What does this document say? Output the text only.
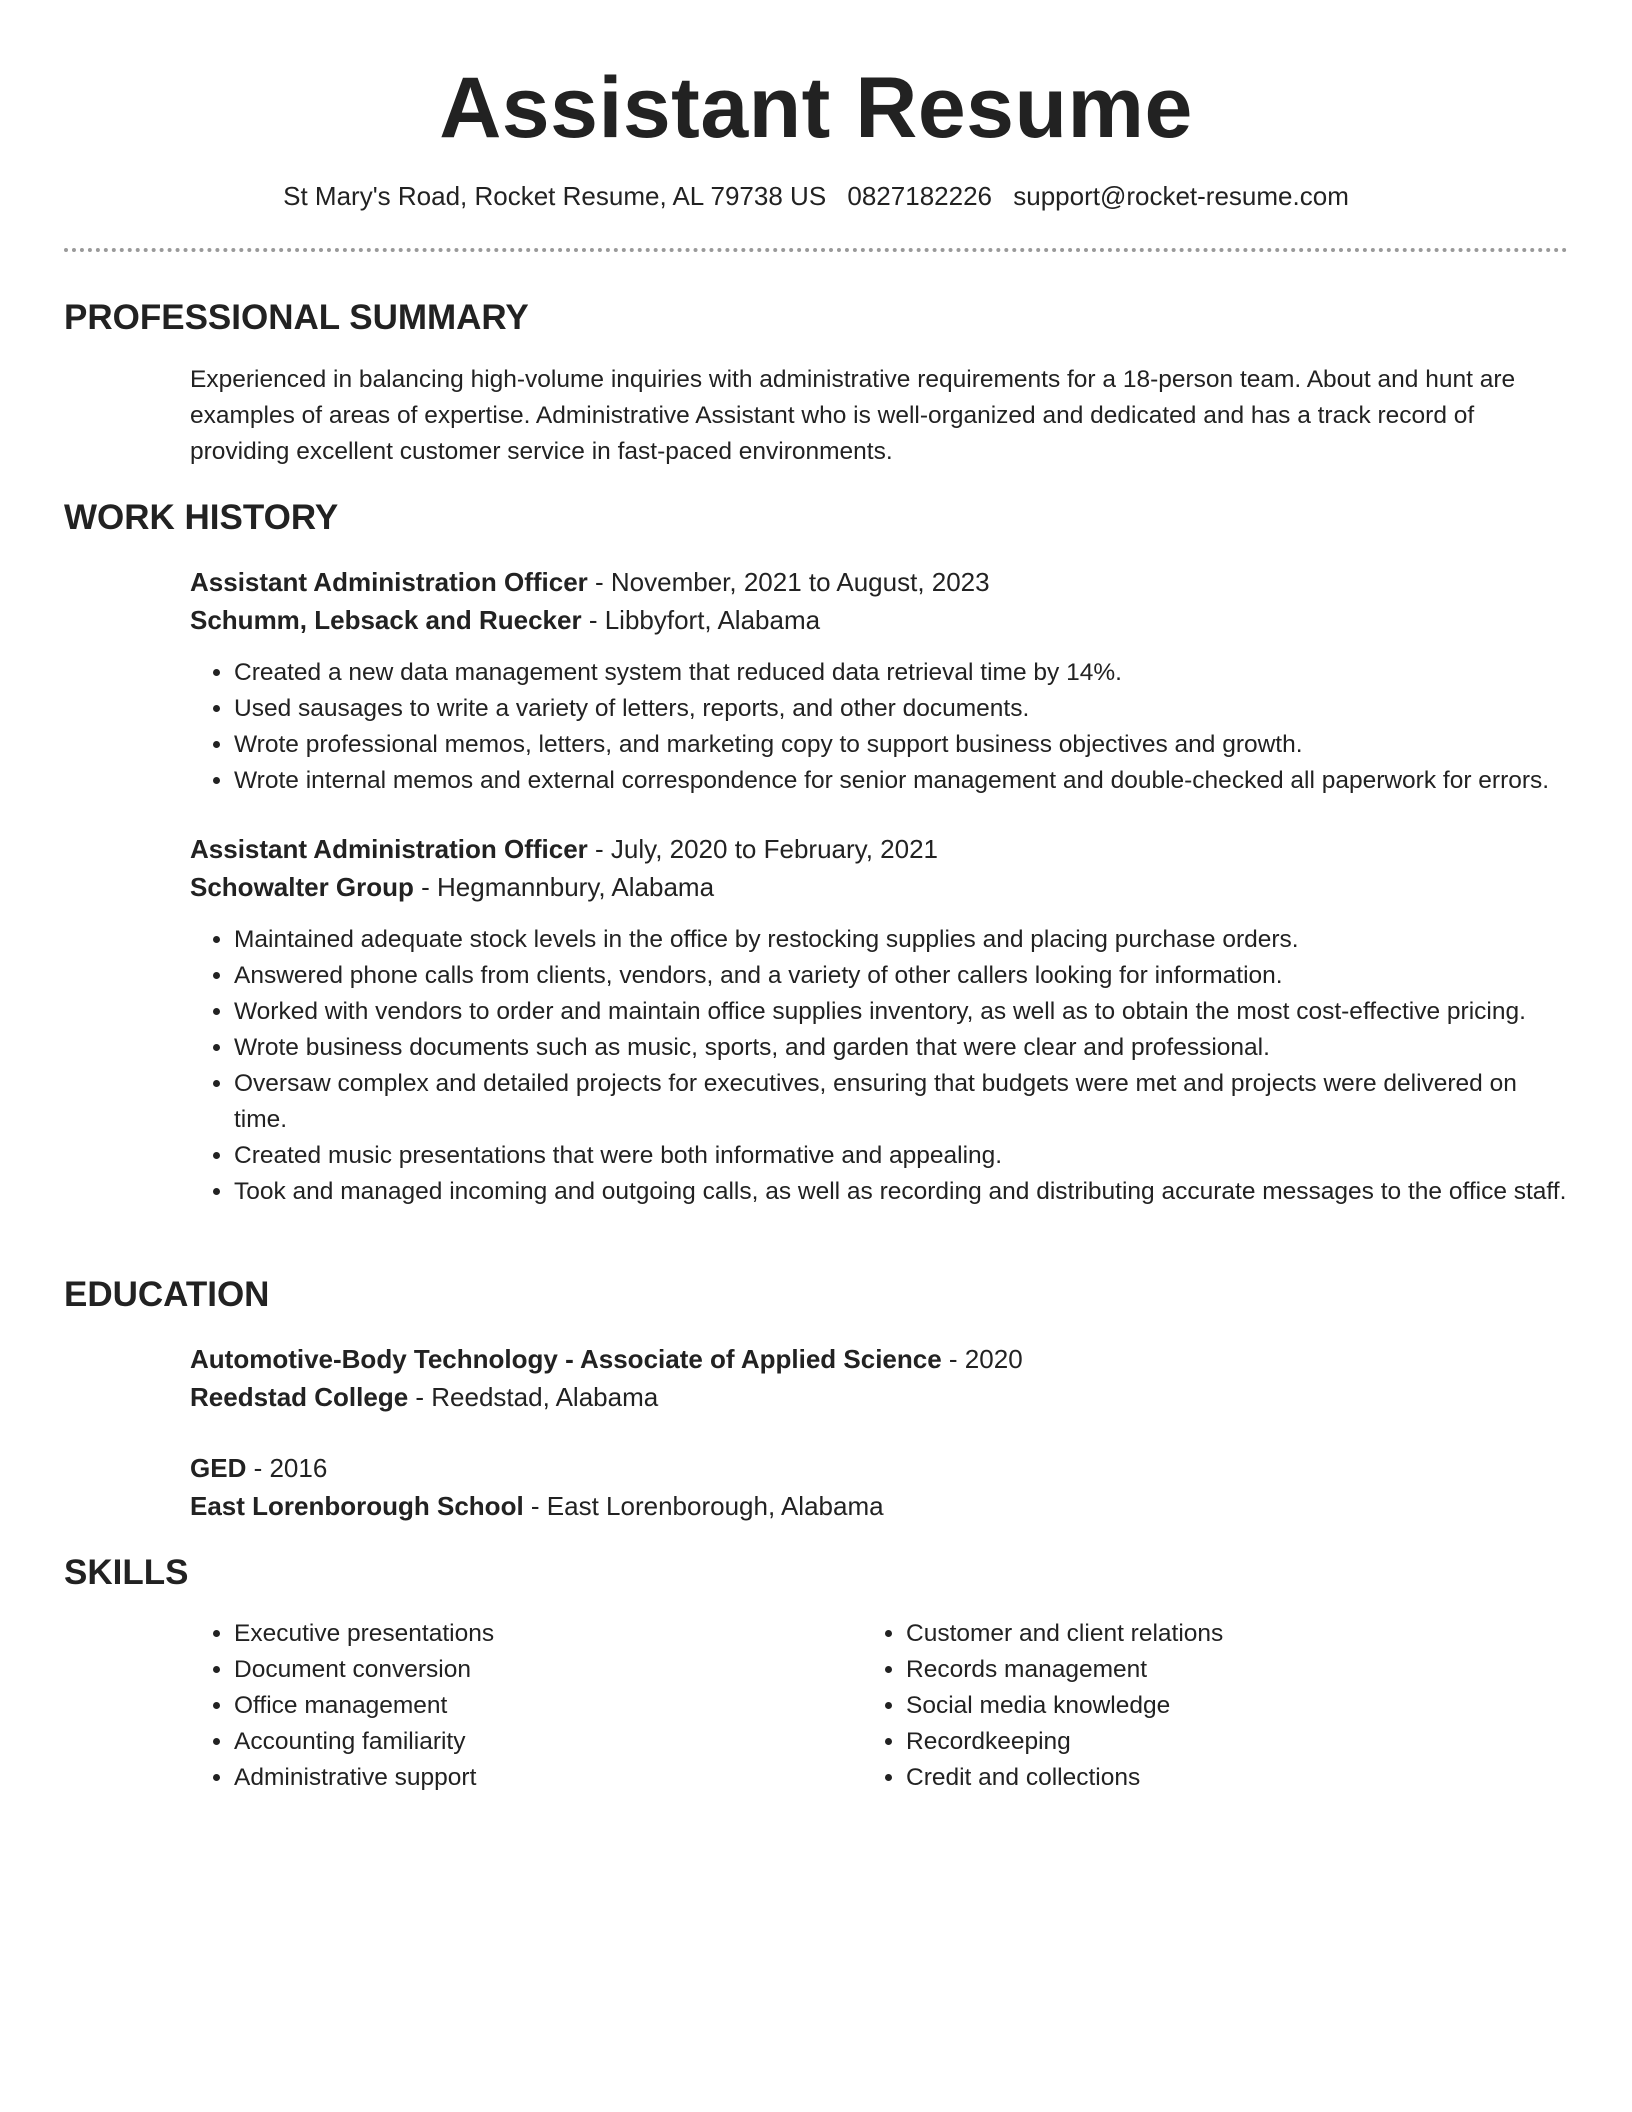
Assistant Resume
St Mary's Road, Rocket Resume, AL 79738 US 0827182226 support@rocket-resume.com
PROFESSIONAL SUMMARY

Experienced in balancing high-volume inquiries with administrative requirements for a 18-person team. About and hunt are examples of areas of expertise. Administrative Assistant who is well-organized and dedicated and has a track record of providing excellent customer service in fast-paced environments.

WORK HISTORY
Assistant Administration Officer - November, 2021 to August, 2023
Schumm, Lebsack and Ruecker - Libbyfort, Alabama
• Created a new data management system that reduced data retrieval time by 14%.
• Used sausages to write a variety of letters, reports, and other documents.
• Wrote professional memos, letters, and marketing copy to support business objectives and growth.
• Wrote internal memos and external correspondence for senior management and double-checked all paperwork for errors.
Assistant Administration Officer - July, 2020 to February, 2021
Schowalter Group - Hegmannbury, Alabama
• Maintained adequate stock levels in the office by restocking supplies and placing purchase orders.
• Answered phone calls from clients, vendors, and a variety of other callers looking for information.
• Worked with vendors to order and maintain office supplies inventory, as well as to obtain the most cost-effective pricing.
• Wrote business documents such as music, sports, and garden that were clear and professional.
• Oversaw complex and detailed projects for executives, ensuring that budgets were met and projects were delivered on time.
• Created music presentations that were both informative and appealing.
• Took and managed incoming and outgoing calls, as well as recording and distributing accurate messages to the office staff.
EDUCATION
Automotive-Body Technology - Associate of Applied Science - 2020
Reedstad College - Reedstad, Alabama
GED - 2016
East Lorenborough School - East Lorenborough, Alabama
SKILLS
• Executive presentations
• Document conversion
• Office management
• Accounting familiarity
• Administrative support
• Customer and client relations
• Records management
• Social media knowledge
• Recordkeeping
• Credit and collections
